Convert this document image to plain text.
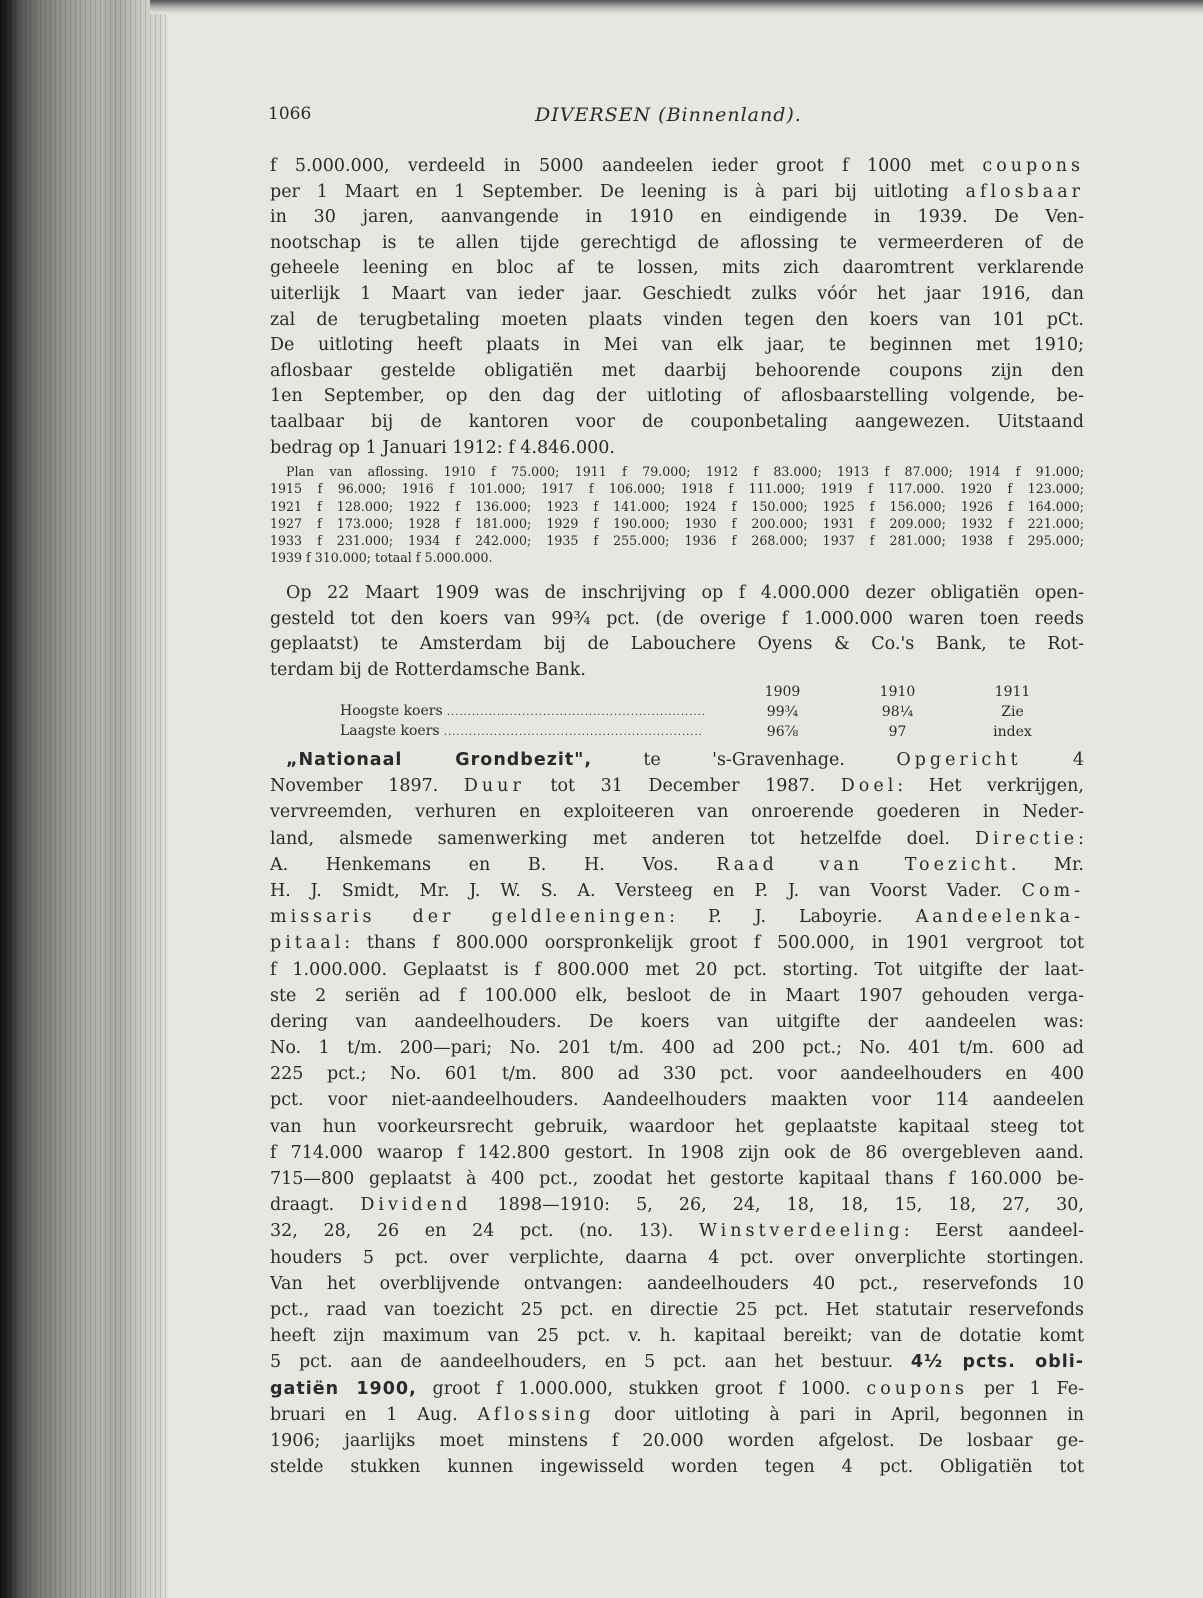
1066	DIVERSEN (Binnenland).
f 5.000.000, verdeeld in 5000 aandeelen ieder groot f 1000 met coupons
per 1 Maart en 1 September. De leening is à pari bij uitloting aflosbaar
in 30 jaren, aanvangende in 1910 en eindigende in 1939. De Ven-
nootschap is te allen tijde gerechtigd de aflossing te vermeerderen of de
geheele leening en bloc af te lossen, mits zich daaromtrent verklarende
uiterlijk 1 Maart van ieder jaar. Geschiedt zulks vóór het jaar 1916, dan
zal de terugbetaling moeten plaats vinden tegen den koers van 101 pCt.
De uitloting heeft plaats in Mei van elk jaar, te beginnen met 1910;
aflosbaar gestelde obligatiën met daarbij behoorende coupons zijn den
1en September, op den dag der uitloting of aflosbaarstelling volgende, be-
taalbaar bij de kantoren voor de couponbetaling aangewezen. Uitstaand
bedrag op 1 Januari 1912: f 4.846.000.
Plan van aflossing. 1910 f 75.000; 1911 f 79.000; 1912 f 83.000; 1913 f 87.000; 1914 f 91.000;
1915 f 96.000; 1916 f 101.000; 1917 f 106.000; 1918 f 111.000; 1919 f 117.000. 1920 f 123.000;
1921 f 128.000; 1922 f 136.000; 1923 f 141.000; 1924 f 150.000; 1925 f 156.000; 1926 f 164.000;
1927 f 173.000; 1928 f 181.000; 1929 f 190.000; 1930 f 200.000; 1931 f 209.000; 1932 f 221.000;
1933 f 231.000; 1934 f 242.000; 1935 f 255.000; 1936 f 268.000; 1937 f 281.000; 1938 f 295.000;
1939 f 310.000; totaal f 5.000.000.
Op 22 Maart 1909 was de inschrijving op f 4.000.000 dezer obligatiën open-
gesteld tot den koers van 99¾ pct. (de overige f 1.000.000 waren toen reeds
geplaatst) te Amsterdam bij de Labouchere Oyens & Co.'s Bank, te Rot-
terdam bij de Rotterdamsche Bank.
	1909	1910	1911
Hoogste koers .....	99¾	98¼	Zie
Laagste koers .....	96⅞	97	index
„Nationaal Grondbezit", te 's-Gravenhage. Opgericht 4
November 1897. Duur tot 31 December 1987. Doel: Het verkrijgen,
vervreemden, verhuren en exploiteeren van onroerende goederen in Neder-
land, alsmede samenwerking met anderen tot hetzelfde doel. Directie:
A. Henkemans en B. H. Vos. Raad van Toezicht. Mr.
H. J. Smidt, Mr. J. W. S. A. Versteeg en P. J. van Voorst Vader. Com-
missaris der geldleeningen: P. J. Laboyrie. Aandeelenka-
pitaal: thans f 800.000 oorspronkelijk groot f 500.000, in 1901 vergroot tot
f 1.000.000. Geplaatst is f 800.000 met 20 pct. storting. Tot uitgifte der laat-
ste 2 seriën ad f 100.000 elk, besloot de in Maart 1907 gehouden verga-
dering van aandeelhouders. De koers van uitgifte der aandeelen was:
No. 1 t/m. 200—pari; No. 201 t/m. 400 ad 200 pct.; No. 401 t/m. 600 ad
225 pct.; No. 601 t/m. 800 ad 330 pct. voor aandeelhouders en 400
pct. voor niet-aandeelhouders. Aandeelhouders maakten voor 114 aandeelen
van hun voorkeursrecht gebruik, waardoor het geplaatste kapitaal steeg tot
f 714.000 waarop f 142.800 gestort. In 1908 zijn ook de 86 overgebleven aand.
715—800 geplaatst à 400 pct., zoodat het gestorte kapitaal thans f 160.000 be-
draagt. Dividend 1898—1910: 5, 26, 24, 18, 18, 15, 18, 27, 30,
32, 28, 26 en 24 pct. (no. 13). Winstverdeeling: Eerst aandeel-
houders 5 pct. over verplichte, daarna 4 pct. over onverplichte stortingen.
Van het overblijvende ontvangen: aandeelhouders 40 pct., reservefonds 10
pct., raad van toezicht 25 pct. en directie 25 pct. Het statutair reservefonds
heeft zijn maximum van 25 pct. v. h. kapitaal bereikt; van de dotatie komt
5 pct. aan de aandeelhouders, en 5 pct. aan het bestuur. 4½ pcts. obli-
gatiën 1900, groot f 1.000.000, stukken groot f 1000. coupons per 1 Fe-
bruari en 1 Aug. Aflossing door uitloting à pari in April, begonnen in
1906; jaarlijks moet minstens f 20.000 worden afgelost. De losbaar ge-
stelde stukken kunnen ingewisseld worden tegen 4 pct. Obligatiën tot
